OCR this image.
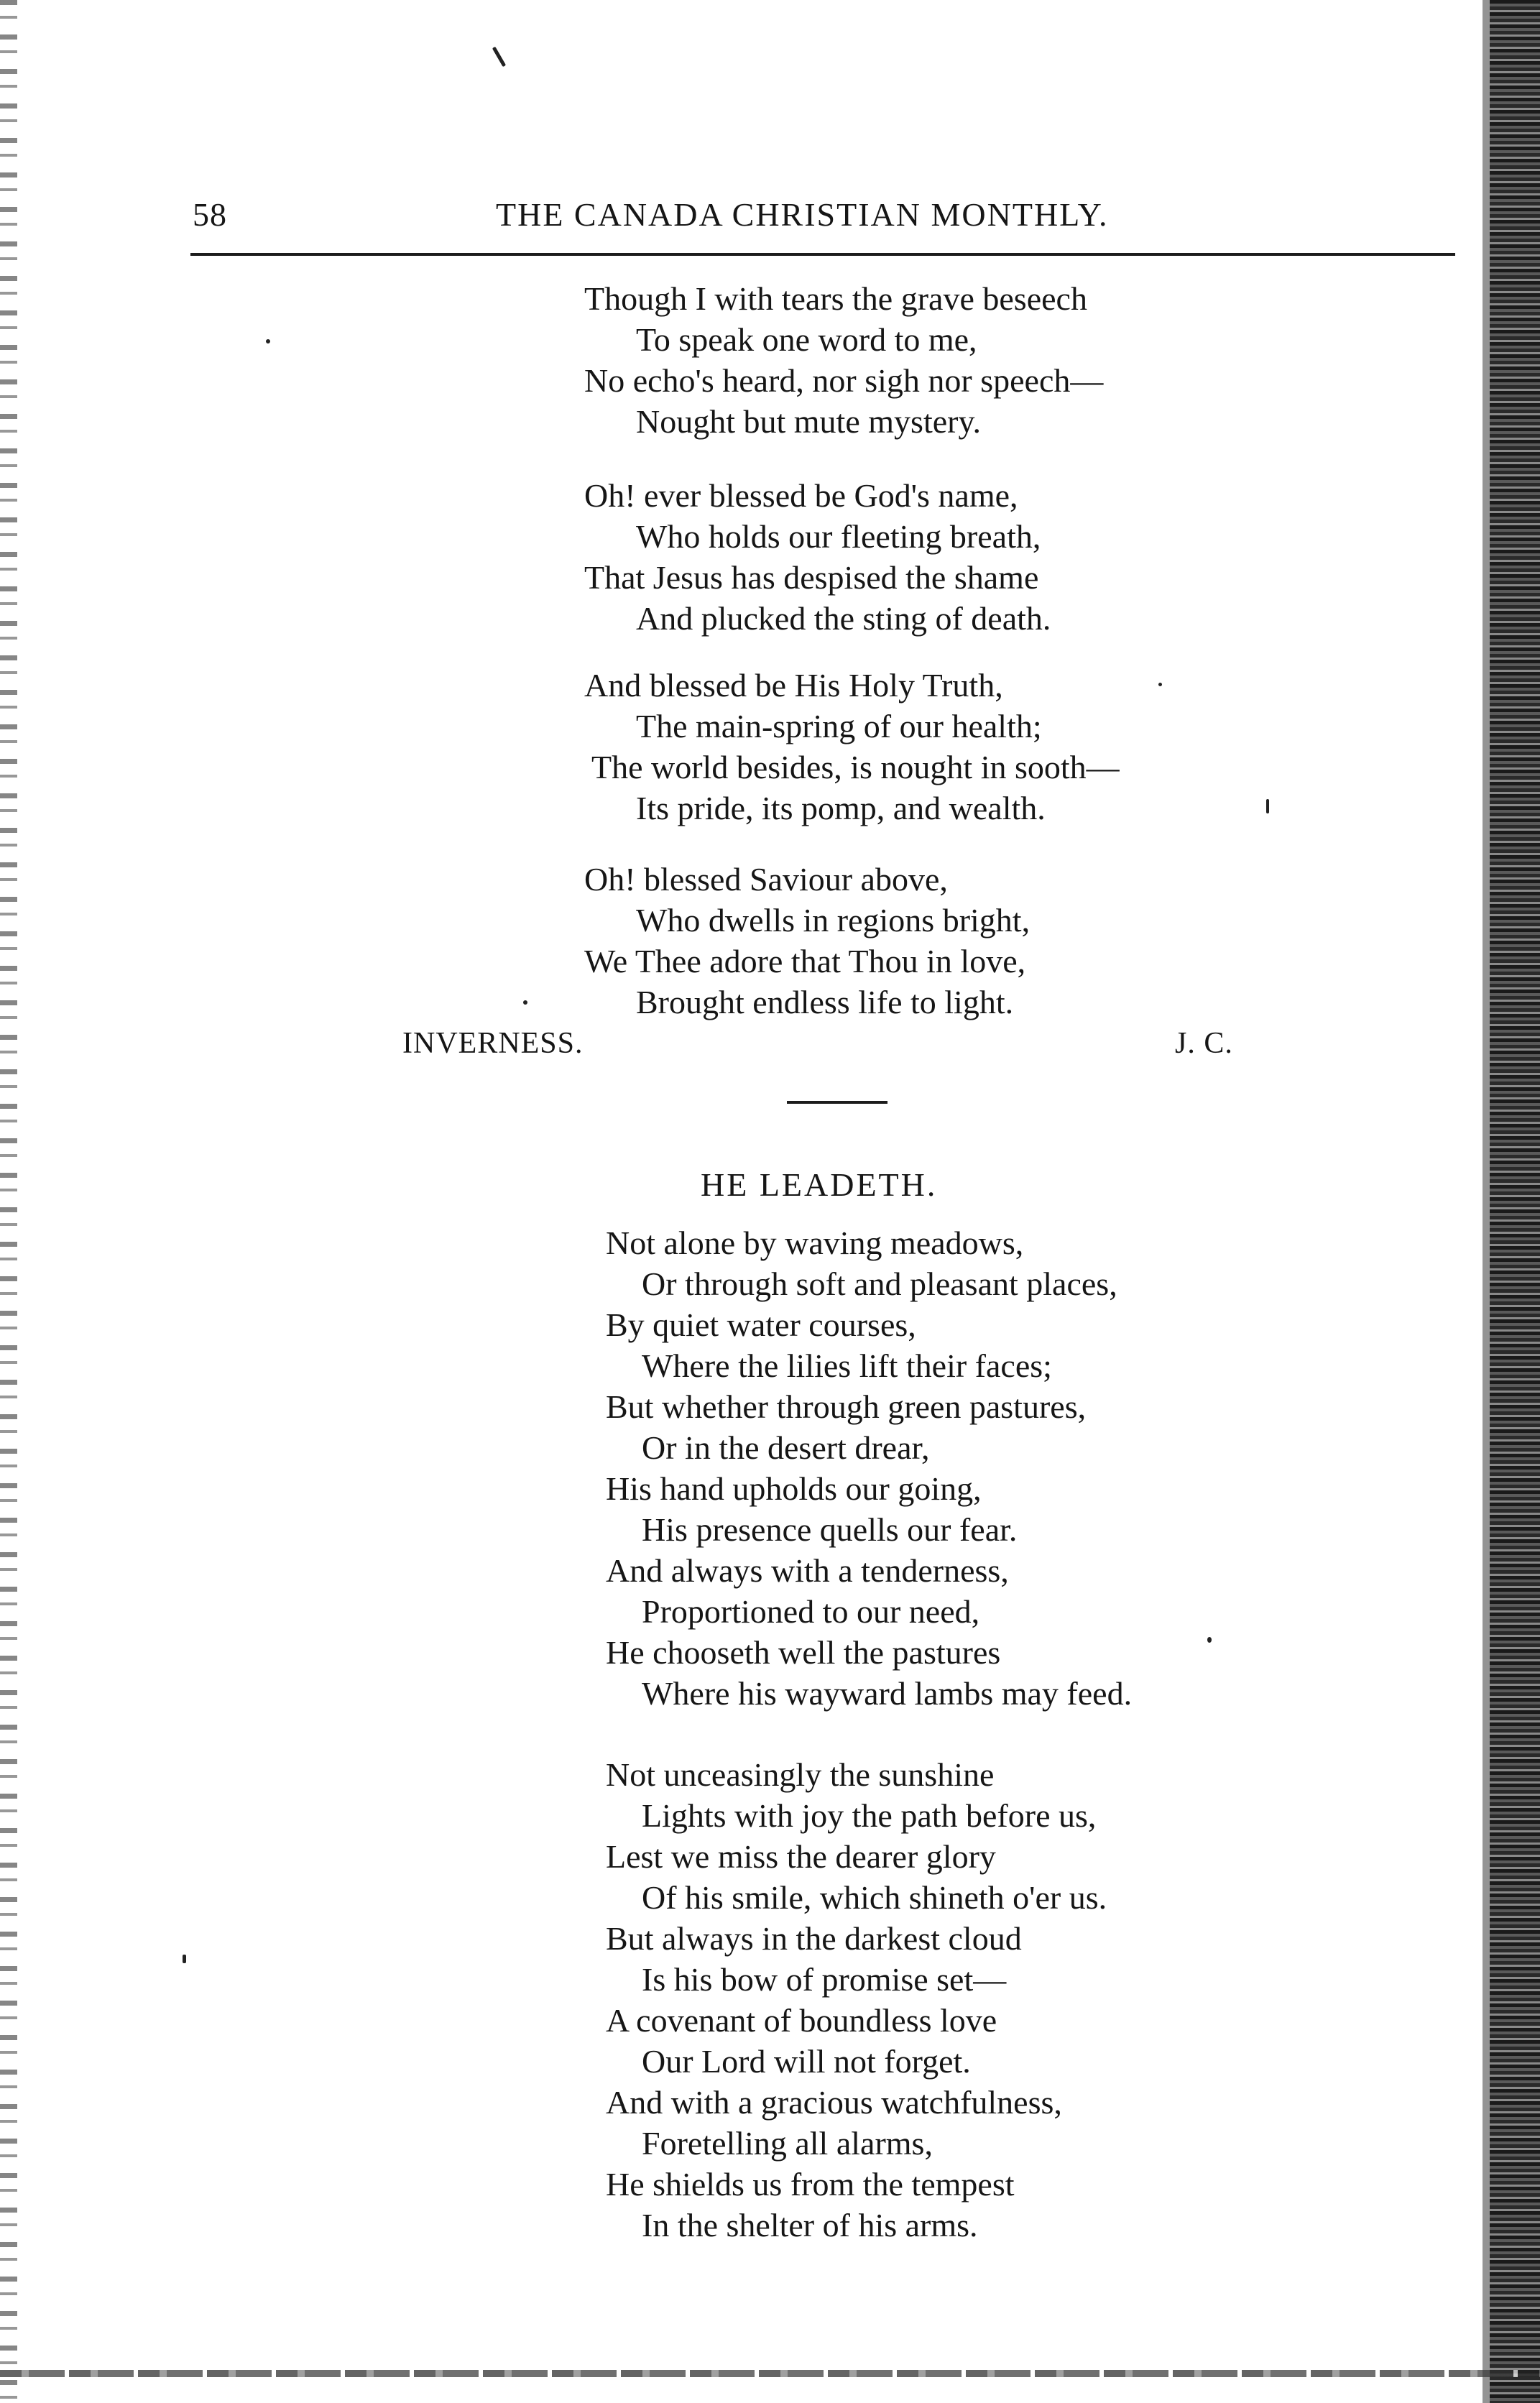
58	THE CANADA CHRISTIAN MONTHLY.
Though I with tears the grave beseech
To speak one word to me,
No echo's heard, nor sigh nor speech—
Nought but mute mystery.
Oh! ever blessed be God's name,
Who holds our fleeting breath,
That Jesus has despised the shame
And plucked the sting of death.
And blessed be His Holy Truth,
The main-spring of our health;
The world besides, is nought in sooth—
Its pride, its pomp, and wealth.
Oh! blessed Saviour above,
Who dwells in regions bright,
We Thee adore that Thou in love,
Brought endless life to light.
INVERNESS.	J. C.
HE LEADETH.
Not alone by waving meadows,
Or through soft and pleasant places,
By quiet water courses,
Where the lilies lift their faces;
But whether through green pastures,
Or in the desert drear,
His hand upholds our going,
His presence quells our fear.
And always with a tenderness,
Proportioned to our need,
He chooseth well the pastures
Where his wayward lambs may feed.
Not unceasingly the sunshine
Lights with joy the path before us,
Lest we miss the dearer glory
Of his smile, which shineth o'er us.
But always in the darkest cloud
Is his bow of promise set—
A covenant of boundless love
Our Lord will not forget.
And with a gracious watchfulness,
Foretelling all alarms,
He shields us from the tempest
In the shelter of his arms.
